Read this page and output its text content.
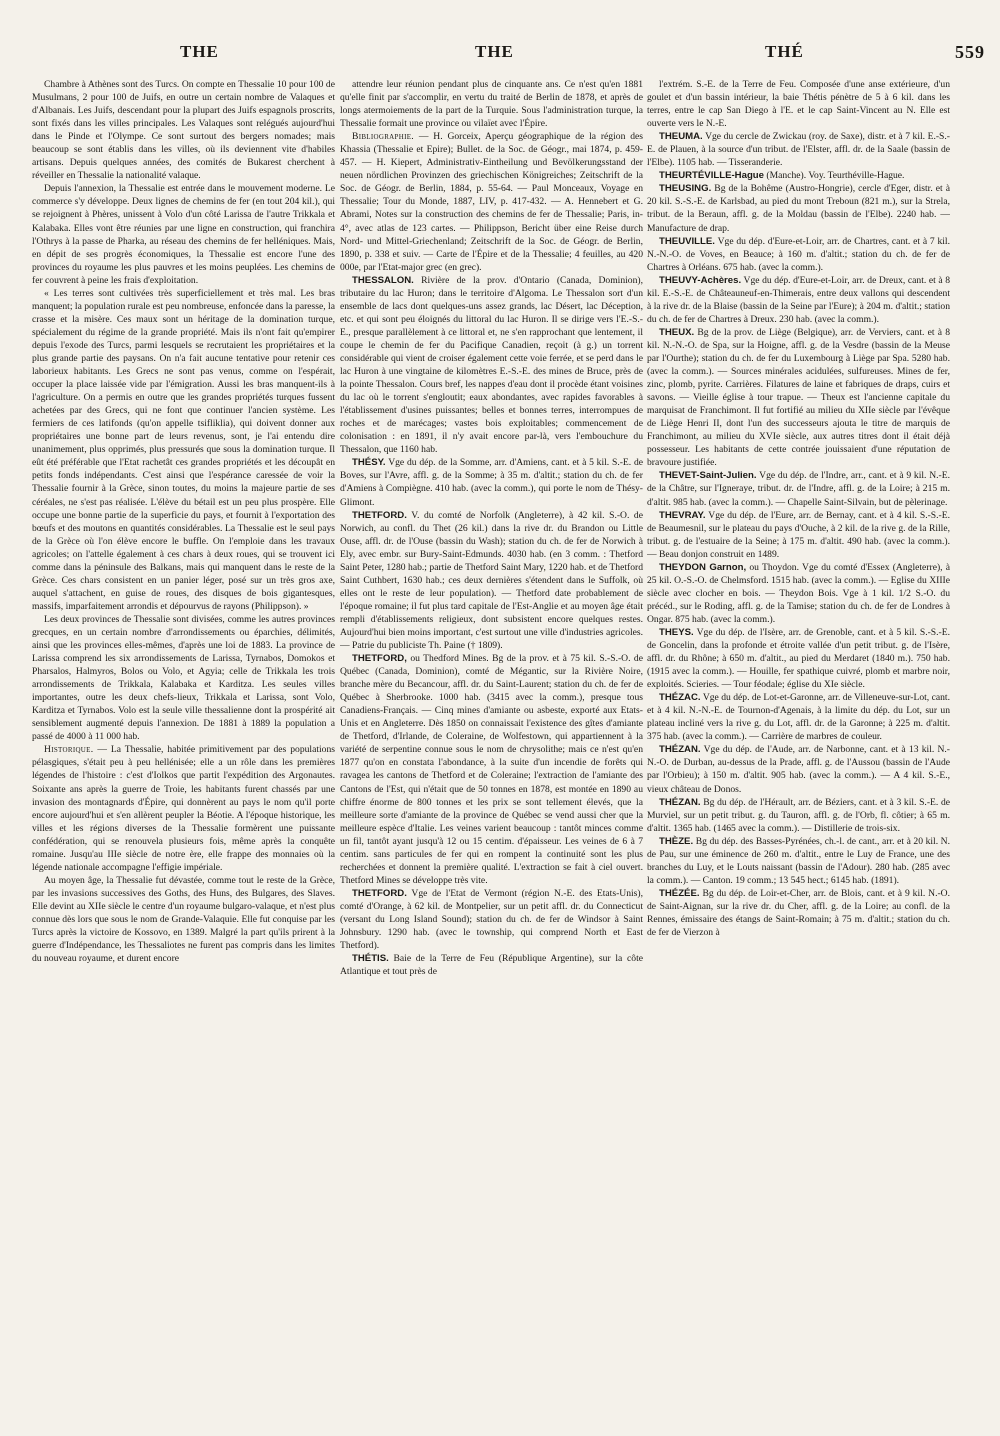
THE	THE	THÉ	559

Chambre à Athènes sont des Turcs. On compte en Thessalie 10 pour 100 de Musulmans, 2 pour 100 de Juifs, en outre un certain nombre de Valaques et d'Albanais. Les Juifs, descendant pour la plupart des Juifs espagnols proscrits, sont fixés dans les villes principales. Les Valaques sont relégués aujourd'hui dans le Pinde et l'Olympe. Ce sont surtout des bergers nomades; mais beaucoup se sont établis dans les villes, où ils deviennent vite d'habiles artisans. Depuis quelques années, des comités de Bukarest cherchent à réveiller en Thessalie la nationalité valaque.

Depuis l'annexion, la Thessalie est entrée dans le mouvement moderne. Le commerce s'y développe. Deux lignes de chemins de fer (en tout 204 kil.), qui se rejoignent à Phères, unissent à Volo d'un côté Larissa de l'autre Trikkala et Kalabaka. Elles vont être réunies par une ligne en construction, qui franchira l'Othrys à la passe de Pharka, au réseau des chemins de fer helléniques. Mais, en dépit de ses progrès économiques, la Thessalie est encore l'une des provinces du royaume les plus pauvres et les moins peuplées. Les chemins de fer couvrent à peine les frais d'exploitation.

« Les terres sont cultivées très superficiellement et très mal. Les bras manquent; la population rurale est peu nombreuse, enfoncée dans la paresse, la crasse et la misère. Ces maux sont un héritage de la domination turque, spécialement du régime de la grande propriété. Mais ils n'ont fait qu'empirer depuis l'exode des Turcs, parmi lesquels se recrutaient les propriétaires et la plus grande partie des paysans. On n'a fait aucune tentative pour retenir ces laborieux habitants. Les Grecs ne sont pas venus, comme on l'espérait, occuper la place laissée vide par l'émigration. Aussi les bras manquent-ils à l'agriculture. On a permis en outre que les grandes propriétés turques fussent achetées par des Grecs, qui ne font que continuer l'ancien système. Les fermiers de ces latifonds (qu'on appelle tsifliklia), qui doivent donner aux propriétaires une bonne part de leurs revenus, sont, je l'ai entendu dire unanimement, plus opprimés, plus pressurés que sous la domination turque. Il eût été préférable que l'Etat rachetât ces grandes propriétés et les découpât en petits fonds indépendants. C'est ainsi que l'espérance caressée de voir la Thessalie fournir à la Grèce, sinon toutes, du moins la majeure partie de ses céréales, ne s'est pas réalisée. L'élève du bétail est un peu plus prospère. Elle occupe une bonne partie de la superficie du pays, et fournit à l'exportation des bœufs et des moutons en quantités considérables. La Thessalie est le seul pays de la Grèce où l'on élève encore le buffle. On l'emploie dans les travaux agricoles; on l'attelle également à ces chars à deux roues, qui se trouvent ici comme dans la péninsule des Balkans, mais qui manquent dans le reste de la Grèce. Ces chars consistent en un panier léger, posé sur un très gros axe, auquel s'attachent, en guise de roues, des disques de bois gigantesques, massifs, imparfaitement arrondis et dépourvus de rayons (Philippson). »

Les deux provinces de Thessalie sont divisées, comme les autres provinces grecques, en un certain nombre d'arrondissements ou éparchies, délimités, ainsi que les provinces elles-mêmes, d'après une loi de 1883. La province de Larissa comprend les six arrondissements de Larissa, Tyrnabos, Domokos et Pharsalos, Halmyros, Bolos ou Volo, et Agyia; celle de Trikkala les trois arrondissements de Trikkala, Kalabaka et Karditza. Les seules villes importantes, outre les deux chefs-lieux, Trikkala et Larissa, sont Volo, Karditza et Tyrnabos. Volo est la seule ville thessalienne dont la prospérité ait sensiblement augmenté depuis l'annexion. De 1881 à 1889 la population a passé de 4000 à 11 000 hab.

Historique. — La Thessalie, habitée primitivement par des populations pélasgiques, s'était peu à peu hellénisée; elle a un rôle dans les premières légendes de l'histoire : c'est d'Iolkos que partit l'expédition des Argonautes. Soixante ans après la guerre de Troie, les habitants furent chassés par une invasion des montagnards d'Épire, qui donnèrent au pays le nom qu'il porte encore aujourd'hui et s'en allèrent peupler la Béotie. A l'époque historique, les villes et les régions diverses de la Thessalie formèrent une puissante confédération, qui se renouvela plusieurs fois, même après la conquête romaine. Jusqu'au IIIe siècle de notre ère, elle frappe des monnaies où la légende nationale accompagne l'effigie impériale.

Au moyen âge, la Thessalie fut dévastée, comme tout le reste de la Grèce, par les invasions successives des Goths, des Huns, des Bulgares, des Slaves. Elle devint au XIIe siècle le centre d'un royaume bulgaro-valaque, et n'est plus connue dès lors que sous le nom de Grande-Valaquie. Elle fut conquise par les Turcs après la victoire de Kossovo, en 1389. Malgré la part qu'ils prirent à la guerre d'Indépendance, les Thessaliotes ne furent pas compris dans les limites du nouveau royaume, et durent encore

attendre leur réunion pendant plus de cinquante ans. Ce n'est qu'en 1881 qu'elle finit par s'accomplir, en vertu du traité de Berlin de 1878, et après de longs atermoiements de la part de la Turquie. Sous l'administration turque, la Thessalie formait une province ou vilaïet avec l'Épire.

Bibliographie. — H. Gorceix, Aperçu géographique de la région des Khassia (Thessalie et Epire); Bullet. de la Soc. de Géogr., mai 1874, p. 459-457. — H. Kiepert, Administrativ-Eintheilung und Bevölkerungsstand der neuen nördlichen Provinzen des griechischen Königreiches; Zeitschrift de la Soc. de Géogr. de Berlin, 1884, p. 55-64. — Paul Monceaux, Voyage en Thessalie; Tour du Monde, 1887, LIV, p. 417-432. — A. Hennebert et G. Abrami, Notes sur la construction des chemins de fer de Thessalie; Paris, in-4°, avec atlas de 123 cartes. — Philippson, Bericht über eine Reise durch Nord- und Mittel-Griechenland; Zeitschrift de la Soc. de Géogr. de Berlin, 1890, p. 338 et suiv. — Carte de l'Épire et de la Thessalie; 4 feuilles, au 420 000e, par l'Etat-major grec (en grec).

THESSALON. Rivière de la prov. d'Ontario (Canada, Dominion), tributaire du lac Huron; dans le territoire d'Algoma. Le Thessalon sort d'un ensemble de lacs dont quelques-uns assez grands, lac Désert, lac Déception, etc. et qui sont peu éloignés du littoral du lac Huron. Il se dirige vers l'E.-S.-E., presque parallèlement à ce littoral et, ne s'en rapprochant que lentement, il coupe le chemin de fer du Pacifique Canadien, reçoit (à g.) un torrent considérable qui vient de croiser également cette voie ferrée, et se perd dans le lac Huron à une vingtaine de kilomètres E.-S.-E. des mines de Bruce, près de la pointe Thessalon. Cours bref, les nappes d'eau dont il procède étant voisines du lac où le torrent s'engloutit; eaux abondantes, avec rapides favorables à l'établissement d'usines puissantes; belles et bonnes terres, interrompues de roches et de marécages; vastes bois exploitables; commencement de colonisation : en 1891, il n'y avait encore par-là, vers l'embouchure du Thessalon, que 1160 hab.

THÉSY. Vge du dép. de la Somme, arr. d'Amiens, cant. et à 5 kil. S.-E. de Boves, sur l'Avre, affl. g. de la Somme; à 35 m. d'altit.; station du ch. de fer d'Amiens à Compiègne. 410 hab. (avec la comm.), qui porte le nom de Thésy-Glimont.

THETFORD. V. du comté de Norfolk (Angleterre), à 42 kil. S.-O. de Norwich, au confl. du Thet (26 kil.) dans la rive dr. du Brandon ou Little Ouse, affl. dr. de l'Ouse (bassin du Wash); station du ch. de fer de Norwich à Ely, avec embr. sur Bury-Saint-Edmunds. 4030 hab. (en 3 comm. : Thetford Saint Peter, 1280 hab.; partie de Thetford Saint Mary, 1220 hab. et de Thetford Saint Cuthbert, 1630 hab.; ces deux dernières s'étendent dans le Suffolk, où elles ont le reste de leur population). — Thetford date probablement de l'époque romaine; il fut plus tard capitale de l'Est-Anglie et au moyen âge était rempli d'établissements religieux, dont subsistent encore quelques restes. Aujourd'hui bien moins important, c'est surtout une ville d'industries agricoles. — Patrie du publiciste Th. Paine († 1809).

THETFORD, ou Thedford Mines. Bg de la prov. et à 75 kil. S.-S.-O. de Québec (Canada, Dominion), comté de Mégantic, sur la Rivière Noire, branche mère du Becancour, affl. dr. du Saint-Laurent; station du ch. de fer de Québec à Sherbrooke. 1000 hab. (3415 avec la comm.), presque tous Canadiens-Français. — Cinq mines d'amiante ou asbeste, exporté aux Etats-Unis et en Angleterre. Dès 1850 on connaissait l'existence des gîtes d'amiante de Thetford, d'Irlande, de Coleraine, de Wolfestown, qui appartiennent à la variété de serpentine connue sous le nom de chrysolithe; mais ce n'est qu'en 1877 qu'on en constata l'abondance, à la suite d'un incendie de forêts qui ravagea les cantons de Thetford et de Coleraine; l'extraction de l'amiante des Cantons de l'Est, qui n'était que de 50 tonnes en 1878, est montée en 1890 au chiffre énorme de 800 tonnes et les prix se sont tellement élevés, que la meilleure sorte d'amiante de la province de Québec se vend aussi cher que la meilleure espèce d'Italie. Les veines varient beaucoup : tantôt minces comme un fil, tantôt ayant jusqu'à 12 ou 15 centim. d'épaisseur. Les veines de 6 à 7 centim. sans particules de fer qui en rompent la continuité sont les plus recherchées et donnent la première qualité. L'extraction se fait à ciel ouvert. Thetford Mines se développe très vite.

THETFORD. Vge de l'Etat de Vermont (région N.-E. des Etats-Unis), comté d'Orange, à 62 kil. de Montpelier, sur un petit affl. dr. du Connecticut (versant du Long Island Sound); station du ch. de fer de Windsor à Saint Johnsbury. 1290 hab. (avec le township, qui comprend North et East Thetford).

THÉTIS. Baie de la Terre de Feu (République Argentine), sur la côte Atlantique et tout près de

l'extrém. S.-E. de la Terre de Feu. Composée d'une anse extérieure, d'un goulet et d'un bassin intérieur, la baie Thétis pénètre de 5 à 6 kil. dans les terres, entre le cap San Diego à l'E. et le cap Saint-Vincent au N. Elle est ouverte vers le N.-E.

THEUMA. Vge du cercle de Zwickau (roy. de Saxe), distr. et à 7 kil. E.-S.-E. de Plauen, à la source d'un tribut. de l'Elster, affl. dr. de la Saale (bassin de l'Elbe). 1105 hab. — Tisseranderie.

THEURTÉVILLE-Hague (Manche). Voy. Teurthéville-Hague.

THEUSING. Bg de la Bohême (Austro-Hongrie), cercle d'Eger, distr. et à 20 kil. S.-S.-E. de Karlsbad, au pied du mont Treboun (821 m.), sur la Strela, tribut. de la Beraun, affl. g. de la Moldau (bassin de l'Elbe). 2240 hab. — Manufacture de drap.

THEUVILLE. Vge du dép. d'Eure-et-Loir, arr. de Chartres, cant. et à 7 kil. N.-N.-O. de Voves, en Beauce; à 160 m. d'altit.; station du ch. de fer de Chartres à Orléans. 675 hab. (avec la comm.).

THEUVY-Achères. Vge du dép. d'Eure-et-Loir, arr. de Dreux, cant. et à 8 kil. E.-S.-E. de Châteauneuf-en-Thimerais, entre deux vallons qui descendent à la rive dr. de la Blaise (bassin de la Seine par l'Eure); à 204 m. d'altit.; station du ch. de fer de Chartres à Dreux. 230 hab. (avec la comm.).

THEUX. Bg de la prov. de Liège (Belgique), arr. de Verviers, cant. et à 8 kil. N.-N.-O. de Spa, sur la Hoigne, affl. g. de la Vesdre (bassin de la Meuse par l'Ourthe); station du ch. de fer du Luxembourg à Liège par Spa. 5280 hab. (avec la comm.). — Sources minérales acidulées, sulfureuses. Mines de fer, zinc, plomb, pyrite. Carrières. Filatures de laine et fabriques de draps, cuirs et savons. — Vieille église à tour trapue. — Theux est l'ancienne capitale du marquisat de Franchimont. Il fut fortifié au milieu du XIIe siècle par l'évêque de Liège Henri II, dont l'un des successeurs ajouta le titre de marquis de Franchimont, au milieu du XVIe siècle, aux autres titres dont il était déjà possesseur. Les habitants de cette contrée jouissaient d'une réputation de bravoure justifiée.

THEVET-Saint-Julien. Vge du dép. de l'Indre, arr., cant. et à 9 kil. N.-E. de la Châtre, sur l'Igneraye, tribut. dr. de l'Indre, affl. g. de la Loire; à 215 m. d'altit. 985 hab. (avec la comm.). — Chapelle Saint-Silvain, but de pèlerinage.

THEVRAY. Vge du dép. de l'Eure, arr. de Bernay, cant. et à 4 kil. S.-S.-E. de Beaumesnil, sur le plateau du pays d'Ouche, à 2 kil. de la rive g. de la Rille, tribut. g. de l'estuaire de la Seine; à 175 m. d'altit. 490 hab. (avec la comm.). — Beau donjon construit en 1489.

THEYDON Garnon, ou Thoydon. Vge du comté d'Essex (Angleterre), à 25 kil. O.-S.-O. de Chelmsford. 1515 hab. (avec la comm.). — Eglise du XIIIe siècle avec clocher en bois. — Theydon Bois. Vge à 1 kil. 1/2 S.-O. du précéd., sur le Roding, affl. g. de la Tamise; station du ch. de fer de Londres à Ongar. 875 hab. (avec la comm.).

THEYS. Vge du dép. de l'Isère, arr. de Grenoble, cant. et à 5 kil. S.-S.-E. de Goncelin, dans la profonde et étroite vallée d'un petit tribut. g. de l'Isère, affl. dr. du Rhône; à 650 m. d'altit., au pied du Merdaret (1840 m.). 750 hab. (1915 avec la comm.). — Houille, fer spathique cuivré, plomb et marbre noir, exploités. Scieries. — Tour féodale; église du XIe siècle.

THÉZAC. Vge du dép. de Lot-et-Garonne, arr. de Villeneuve-sur-Lot, cant. et à 4 kil. N.-N.-E. de Tournon-d'Agenais, à la limite du dép. du Lot, sur un plateau incliné vers la rive g. du Lot, affl. dr. de la Garonne; à 225 m. d'altit. 375 hab. (avec la comm.). — Carrière de marbres de couleur.

THÉZAN. Vge du dép. de l'Aude, arr. de Narbonne, cant. et à 13 kil. N.-N.-O. de Durban, au-dessus de la Prade, affl. g. de l'Aussou (bassin de l'Aude par l'Orbieu); à 150 m. d'altit. 905 hab. (avec la comm.). — A 4 kil. S.-E., vieux château de Donos.

THÉZAN. Bg du dép. de l'Hérault, arr. de Béziers, cant. et à 3 kil. S.-E. de Murviel, sur un petit tribut. g. du Tauron, affl. g. de l'Orb, fl. côtier; à 65 m. d'altit. 1365 hab. (1465 avec la comm.). — Distillerie de trois-six.

THÈZE. Bg du dép. des Basses-Pyrénées, ch.-l. de cant., arr. et à 20 kil. N. de Pau, sur une éminence de 260 m. d'altit., entre le Luy de France, une des branches du Luy, et le Louts naissant (bassin de l'Adour). 280 hab. (285 avec la comm.). — Canton. 19 comm.; 13 545 hect.; 6145 hab. (1891).

THÉZÉE. Bg du dép. de Loir-et-Cher, arr. de Blois, cant. et à 9 kil. N.-O. de Saint-Aignan, sur la rive dr. du Cher, affl. g. de la Loire; au confl. de la Rennes, émissaire des étangs de Saint-Romain; à 75 m. d'altit.; station du ch. de fer de Vierzon à
